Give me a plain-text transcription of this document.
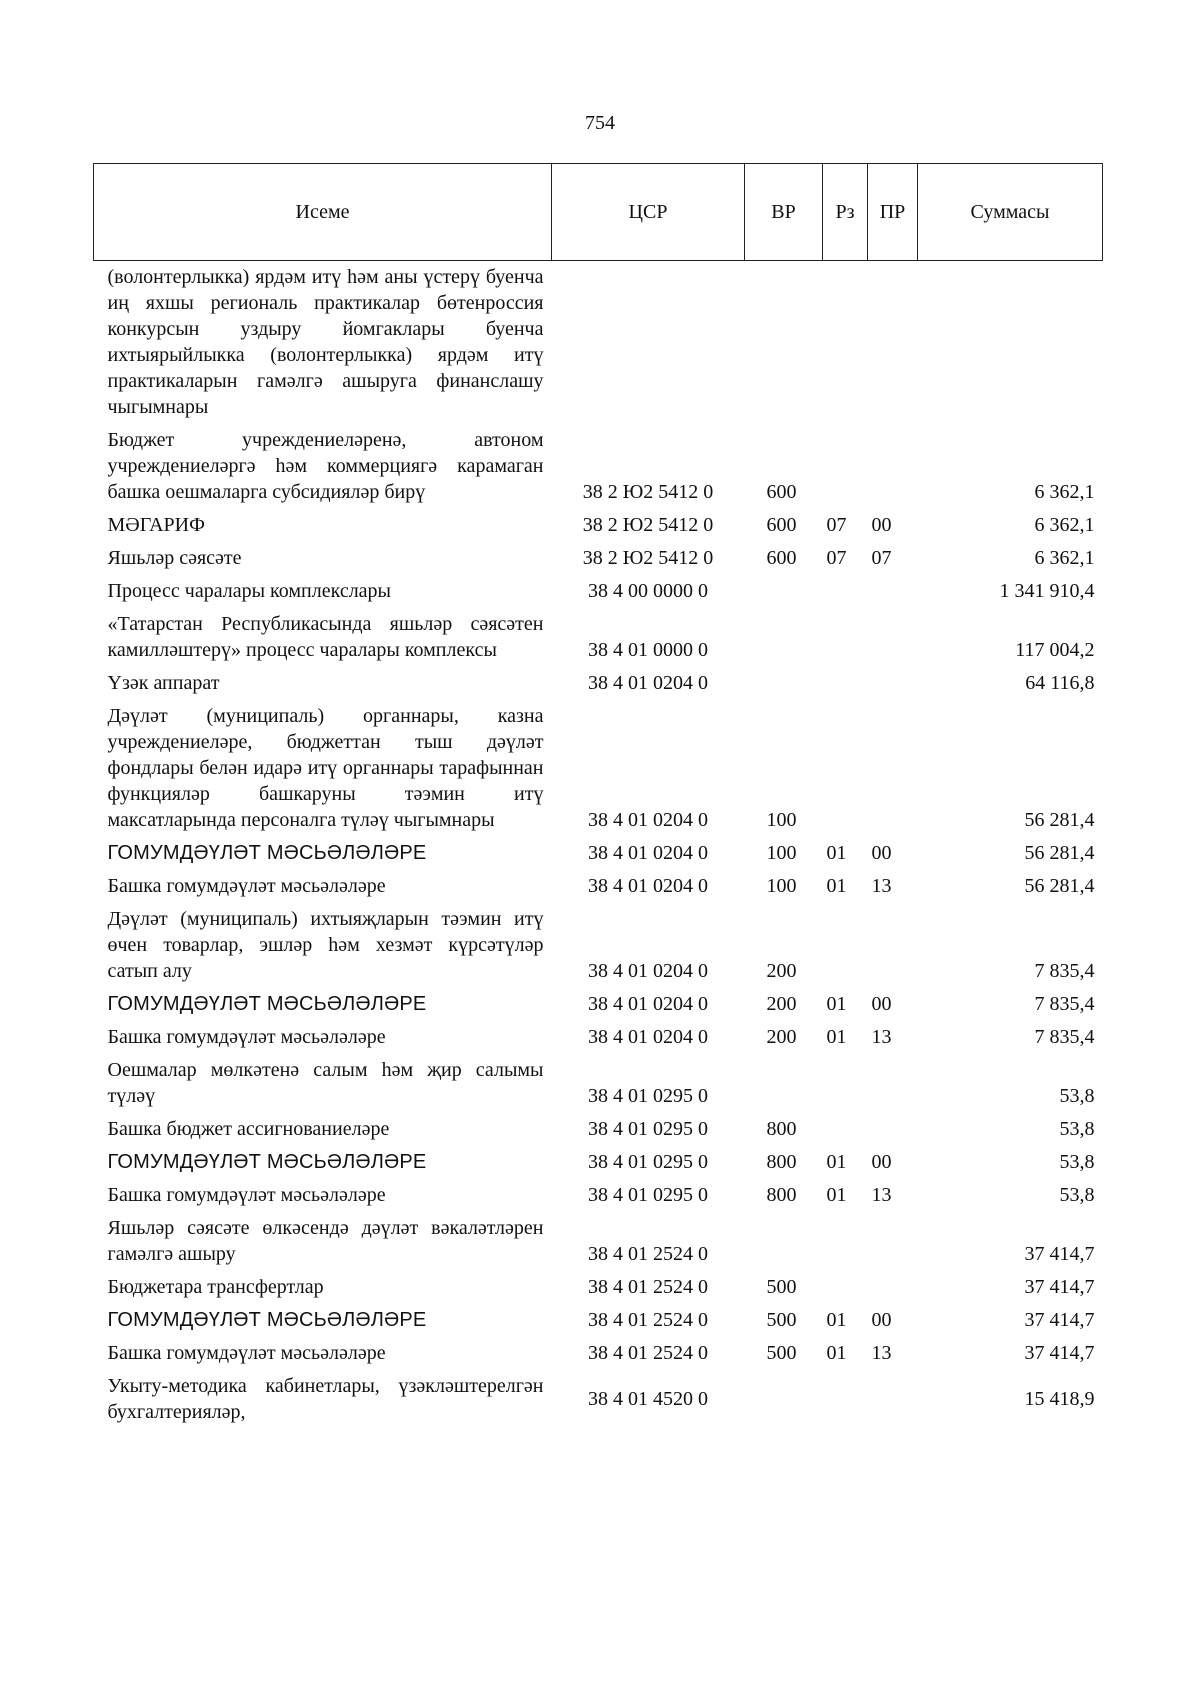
754
Исеме	ЦСР	ВР	Рз	ПР	Суммасы
(волонтерлыкка) ярдәм итү һәм аны үстерү буенча иң яхшы региональ практикалар бөтенроссия конкурсын уздыру йомгаклары буенча ихтыярыйлыкка (волонтерлыкка) ярдәм итү практикаларын гамәлгә ашыруга финанслашу чыгымнары					
Бюджет учреждениеләренә, автоном учреждениеләргә һәм коммерциягә карамаган башка оешмаларга субсидияләр бирү	38 2 Ю2 5412 0	600			6 362,1
МӘГАРИФ	38 2 Ю2 5412 0	600	07	00	6 362,1
Яшьләр сәясәте	38 2 Ю2 5412 0	600	07	07	6 362,1
Процесс чаралары комплекслары	38 4 00 0000 0				1 341 910,4
«Татарстан Республикасында яшьләр сәясәтен камилләштерү» процесс чаралары комплексы	38 4 01 0000 0				117 004,2
Үзәк аппарат	38 4 01 0204 0				64 116,8
Дәүләт (муниципаль) органнары, казна учреждениеләре, бюджеттан тыш дәүләт фондлары белән идарә итү органнары тарафыннан функцияләр башкаруны тәэмин итү максатларында персоналга түләү чыгымнары	38 4 01 0204 0	100			56 281,4
ГОМУМДӘҮЛӘТ МӘСЬӘЛӘЛӘРЕ	38 4 01 0204 0	100	01	00	56 281,4
Башка гомумдәүләт мәсьәләләре	38 4 01 0204 0	100	01	13	56 281,4
Дәүләт (муниципаль) ихтыяҗларын тәэмин итү өчен товарлар, эшләр һәм хезмәт күрсәтүләр сатып алу	38 4 01 0204 0	200			7 835,4
ГОМУМДӘҮЛӘТ МӘСЬӘЛӘЛӘРЕ	38 4 01 0204 0	200	01	00	7 835,4
Башка гомумдәүләт мәсьәләләре	38 4 01 0204 0	200	01	13	7 835,4
Оешмалар мөлкәтенә салым һәм җир салымы түләү	38 4 01 0295 0				53,8
Башка бюджет ассигнованиеләре	38 4 01 0295 0	800			53,8
ГОМУМДӘҮЛӘТ МӘСЬӘЛӘЛӘРЕ	38 4 01 0295 0	800	01	00	53,8
Башка гомумдәүләт мәсьәләләре	38 4 01 0295 0	800	01	13	53,8
Яшьләр сәясәте өлкәсендә дәүләт вәкаләтләрен гамәлгә ашыру	38 4 01 2524 0				37 414,7
Бюджетара трансфертлар	38 4 01 2524 0	500			37 414,7
ГОМУМДӘҮЛӘТ МӘСЬӘЛӘЛӘРЕ	38 4 01 2524 0	500	01	00	37 414,7
Башка гомумдәүләт мәсьәләләре	38 4 01 2524 0	500	01	13	37 414,7
Укыту-методика кабинетлары, үзәкләштерелгән бухгалтерияләр,	38 4 01 4520 0				15 418,9
